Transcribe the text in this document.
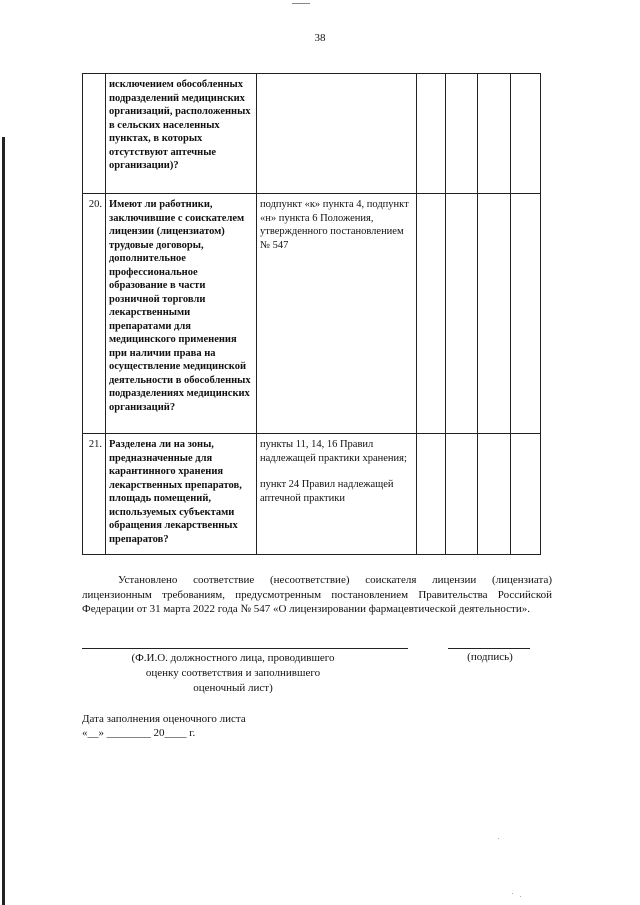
38
	исключением обособленных подразделений медицинских организаций, расположенных в сельских населенных пунктах, в которых отсутствуют аптечные организации)?					
20.	Имеют ли работники, заключившие с соискателем лицензии (лицензиатом) трудовые договоры, дополнительное профессиональное образование в части розничной торговли лекарственными препаратами для медицинского применения при наличии права на осуществление медицинской деятельности в обособленных подразделениях медицинских организаций?	подпункт «к» пункта 4, подпункт «н» пункта 6 Положения, утвержденного постановлением № 547				

21.	Разделена ли на зоны, предназначенные для карантинного хранения лекарственных препаратов, площадь помещений, используемых субъектами обращения лекарственных препаратов?	пункты 11, 14, 16 Правил надлежащей практики хранения;
пункт 24 Правил надлежащей аптечной практики				

Установлено соответствие (несоответствие) соискателя лицензии (лицензиата) лицензионным требованиям, предусмотренным постановлением Правительства Российской Федерации от 31 марта 2022 года № 547 «О лицензировании фармацевтической деятельности».
(Ф.И.О. должностного лица, проводившего
оценку соответствия и заполнившего
оценочный лист)
(подпись)
Дата заполнения оценочного листа
«__» ________ 20____ г.
